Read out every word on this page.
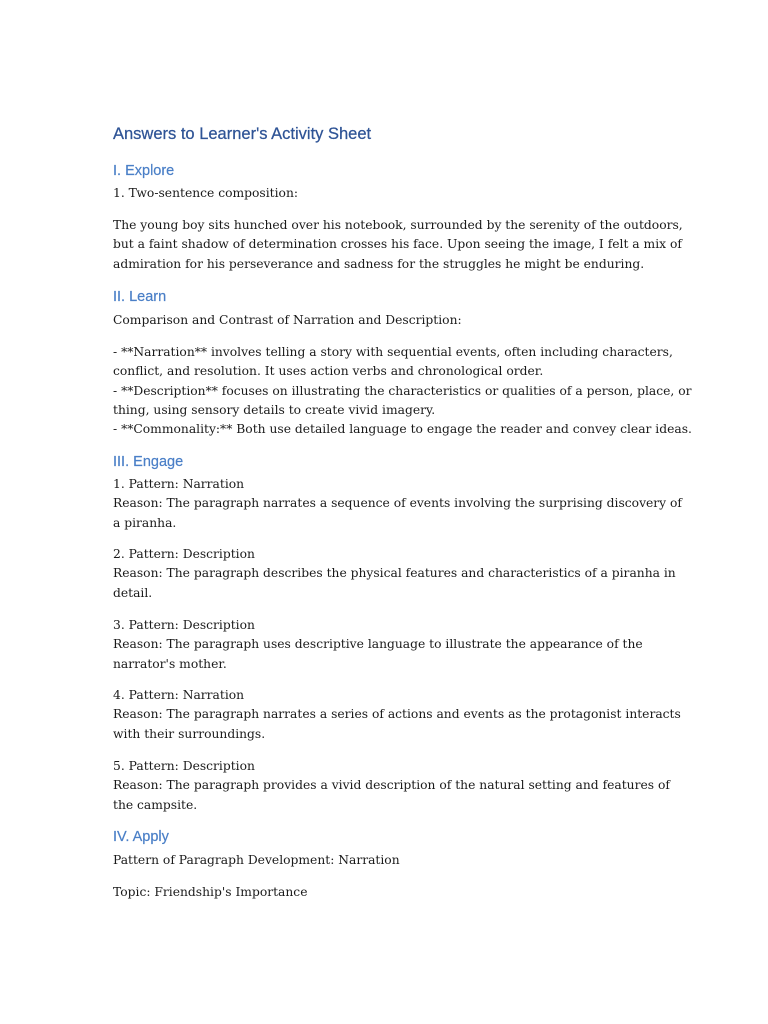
Answers to Learner's Activity Sheet
I. Explore

1. Two-sentence composition:

The young boy sits hunched over his notebook, surrounded by the serenity of the outdoors,
but a faint shadow of determination crosses his face. Upon seeing the image, I felt a mix of
admiration for his perseverance and sadness for the struggles he might be enduring.

II. Learn

Comparison and Contrast of Narration and Description:

- **Narration** involves telling a story with sequential events, often including characters,
conflict, and resolution. It uses action verbs and chronological order.
- **Description** focuses on illustrating the characteristics or qualities of a person, place, or
thing, using sensory details to create vivid imagery.
- **Commonality:** Both use detailed language to engage the reader and convey clear ideas.

III. Engage

1. Pattern: Narration
Reason: The paragraph narrates a sequence of events involving the surprising discovery of
a piranha.

2. Pattern: Description
Reason: The paragraph describes the physical features and characteristics of a piranha in
detail.

3. Pattern: Description
Reason: The paragraph uses descriptive language to illustrate the appearance of the
narrator's mother.

4. Pattern: Narration
Reason: The paragraph narrates a series of actions and events as the protagonist interacts
with their surroundings.

5. Pattern: Description
Reason: The paragraph provides a vivid description of the natural setting and features of
the campsite.

IV. Apply

Pattern of Paragraph Development: Narration

Topic: Friendship's Importance
